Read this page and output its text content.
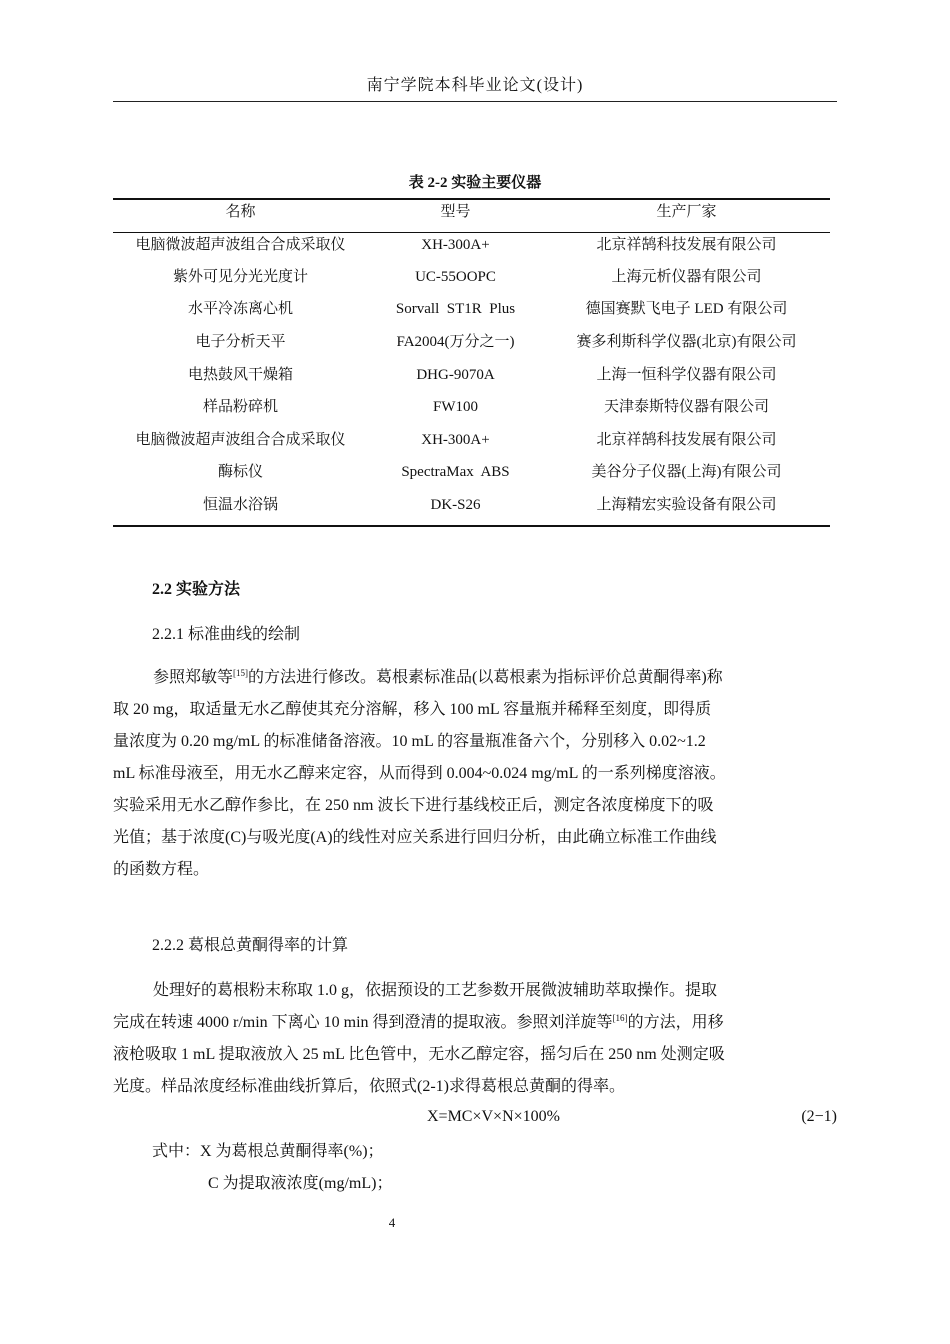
南宁学院本科毕业论文(设计)
表 2-2 实验主要仪器
名称	型号	生产厂家
电脑微波超声波组合合成采取仪	XH-300A+	北京祥鹄科技发展有限公司
紫外可见分光光度计	UC-55OOPC	上海元析仪器有限公司
水平冷冻离心机	Sorvall  ST1R  Plus	德国赛默飞电子 LED 有限公司
电子分析天平	FA2004(万分之一)	赛多利斯科学仪器(北京)有限公司
电热鼓风干燥箱	DHG-9070A	上海一恒科学仪器有限公司
样品粉碎机	FW100	天津泰斯特仪器有限公司
电脑微波超声波组合合成采取仪	XH-300A+	北京祥鹄科技发展有限公司
酶标仪	SpectraMax  ABS	美谷分子仪器(上海)有限公司
恒温水浴锅	DK-S26	上海精宏实验设备有限公司
2.2 实验方法
2.2.1 标准曲线的绘制
参照郑敏等[15]的方法进行修改。葛根素标准品(以葛根素为指标评价总黄酮得率)称
取 20 mg，取适量无水乙醇使其充分溶解，移入 100 mL 容量瓶并稀释至刻度，即得质
量浓度为 0.20 mg/mL 的标准储备溶液。10 mL 的容量瓶准备六个，分别移入 0.02~1.2
mL 标准母液至，用无水乙醇来定容，从而得到 0.004~0.024 mg/mL 的一系列梯度溶液。
实验采用无水乙醇作参比，在 250 nm 波长下进行基线校正后，测定各浓度梯度下的吸
光值；基于浓度(C)与吸光度(A)的线性对应关系进行回归分析，由此确立标准工作曲线
的函数方程。
2.2.2 葛根总黄酮得率的计算
处理好的葛根粉末称取 1.0 g，依据预设的工艺参数开展微波辅助萃取操作。提取
完成在转速 4000 r/min 下离心 10 min 得到澄清的提取液。参照刘洋旋等[16]的方法，用移
液枪吸取 1 mL 提取液放入 25 mL 比色管中，无水乙醇定容，摇匀后在 250 nm 处测定吸
光度。样品浓度经标准曲线折算后，依照式(2-1)求得葛根总黄酮的得率。
X=MC×V×N×100%	(2−1)
式中：X 为葛根总黄酮得率(%)；
C 为提取液浓度(mg/mL)；
4
